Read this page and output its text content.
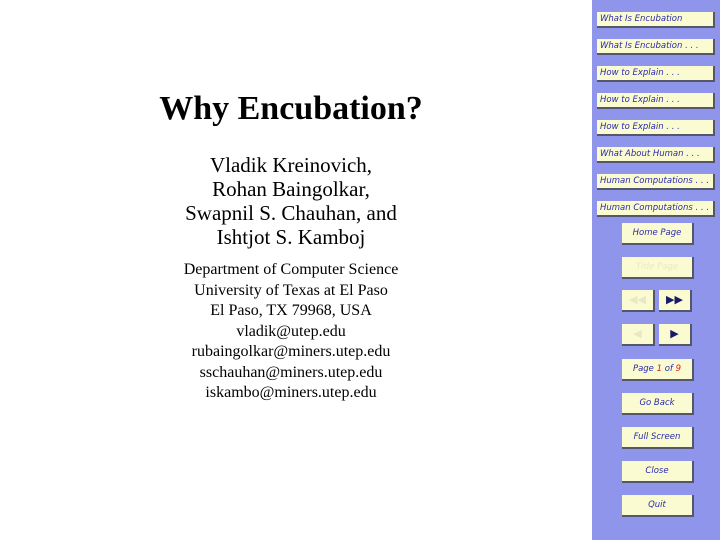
Why Encubation?
Vladik Kreinovich,
Rohan Baingolkar,
Swapnil S. Chauhan, and
Ishtjot S. Kamboj
Department of Computer Science
University of Texas at El Paso
El Paso, TX 79968, USA
vladik@utep.edu
rubaingolkar@miners.utep.edu
sschauhan@miners.utep.edu
iskambo@miners.utep.edu
What Is Encubation
What Is Encubation . . .
How to Explain . . .
How to Explain . . .
How to Explain . . .
What About Human . . .
Human Computations . . .
Human Computations . . .
Home Page
Title Page
◀◀	▶▶
◀	▶
Page 1 of 9
Go Back
Full Screen
Close
Quit
